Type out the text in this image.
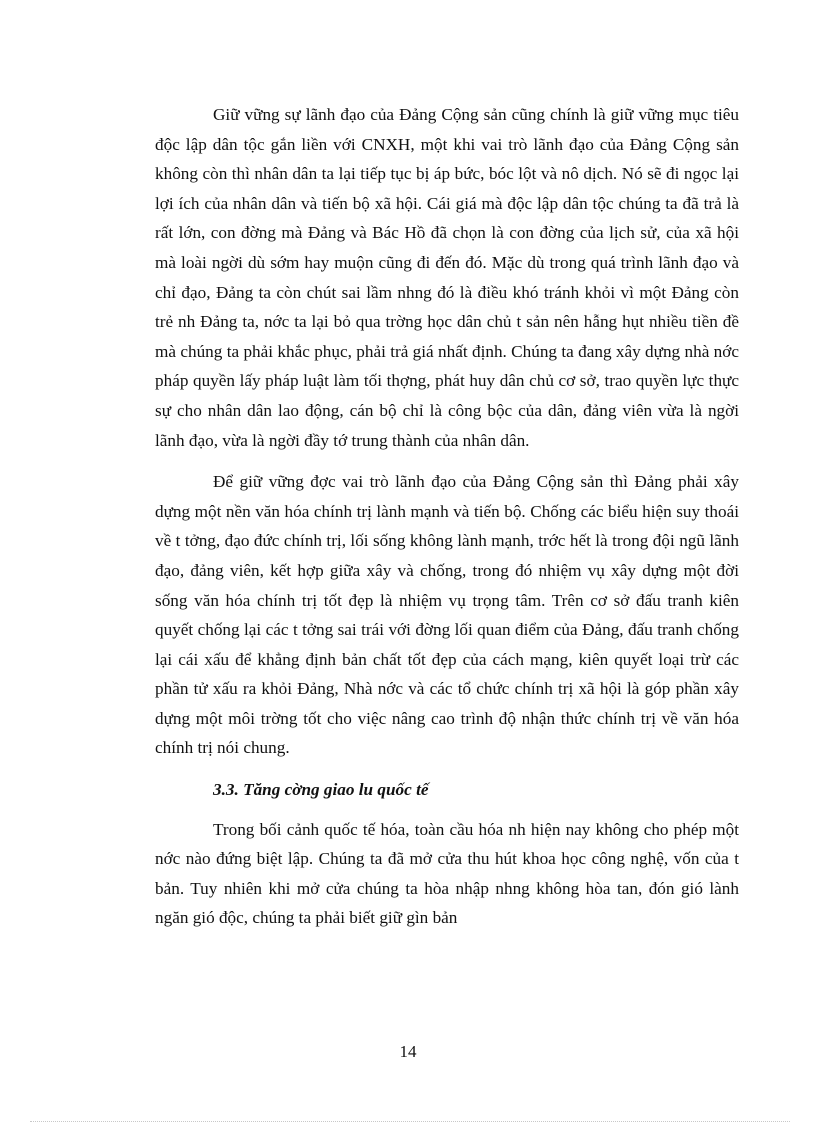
Giữ vững sự lãnh đạo của Đảng Cộng sản cũng chính là giữ vững mục tiêu độc lập dân tộc gắn liền với CNXH, một khi vai trò lãnh đạo của Đảng Cộng sản không còn thì nhân dân ta lại tiếp tục bị áp bức, bóc lột và nô dịch. Nó sẽ đi ngọc lại lợi ích của nhân dân và tiến bộ xã hội. Cái giá mà độc lập dân tộc chúng ta đã trả là rất lớn, con đờng mà Đảng và Bác Hồ đã chọn là con đờng của lịch sử, của xã hội mà loài ngời dù sớm hay muộn cũng đi đến đó. Mặc dù trong quá trình lãnh đạo và chỉ đạo, Đảng ta còn chút sai lầm nhng đó là điều khó tránh khỏi vì một Đảng còn trẻ nh Đảng ta, nớc ta lại bỏ qua trờng học dân chủ t sản nên hẫng hụt nhiều tiền đề mà chúng ta phải khắc phục, phải trả giá nhất định. Chúng ta đang xây dựng nhà nớc pháp quyền lấy pháp luật làm tối thợng, phát huy dân chủ cơ sở, trao quyền lực thực sự cho nhân dân lao động, cán bộ chỉ là công bộc của dân, đảng viên vừa là ngời lãnh đạo, vừa là ngời đầy tớ trung thành của nhân dân.

Để giữ vững đợc vai trò lãnh đạo của Đảng Cộng sản thì Đảng phải xây dựng một nền văn hóa chính trị lành mạnh và tiến bộ. Chống các biểu hiện suy thoái về t tởng, đạo đức chính trị, lối sống không lành mạnh, trớc hết là trong đội ngũ lãnh đạo, đảng viên, kết hợp giữa xây và chống, trong đó nhiệm vụ xây dựng một đời sống văn hóa chính trị tốt đẹp là nhiệm vụ trọng tâm. Trên cơ sở đấu tranh kiên quyết chống lại các t tởng sai trái với đờng lối quan điểm của Đảng, đấu tranh chống lại cái xấu để khẳng định bản chất tốt đẹp của cách mạng, kiên quyết loại trừ các phần tử xấu ra khỏi Đảng, Nhà nớc và các tổ chức chính trị xã hội là góp phần xây dựng một môi trờng tốt cho việc nâng cao trình độ nhận thức chính trị về văn hóa chính trị nói chung.

3.3. Tăng cờng giao lu quốc tế

Trong bối cảnh quốc tế hóa, toàn cầu hóa nh hiện nay không cho phép một nớc nào đứng biệt lập. Chúng ta đã mở cửa thu hút khoa học công nghệ, vốn của t bản. Tuy nhiên khi mở cửa chúng ta hòa nhập nhng không hòa tan, đón gió lành ngăn gió độc, chúng ta phải biết giữ gìn bản

14
